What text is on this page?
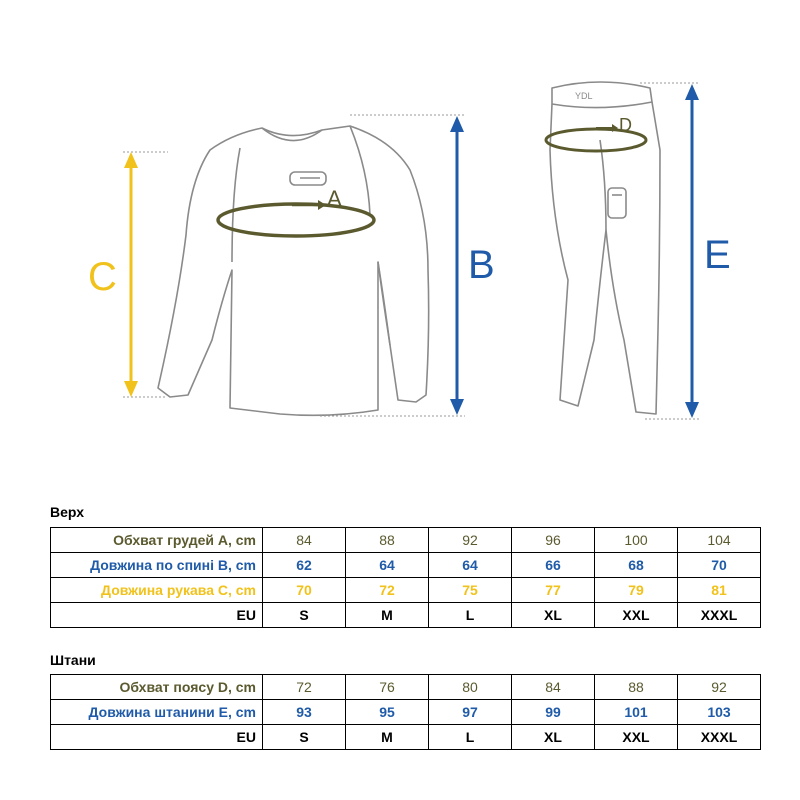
YDL
A
D
C	B	E
Верх
Обхват грудей A, cm	84	88	92	96	100	104
Довжина по спині B, cm	62	64	64	66	68	70
Довжина рукава C, cm	70	72	75	77	79	81
EU	S	M	L	XL	XXL	XXXL
Штани
Обхват поясу D, cm	72	76	80	84	88	92
Довжина штанини E, cm	93	95	97	99	101	103
EU	S	M	L	XL	XXL	XXXL
